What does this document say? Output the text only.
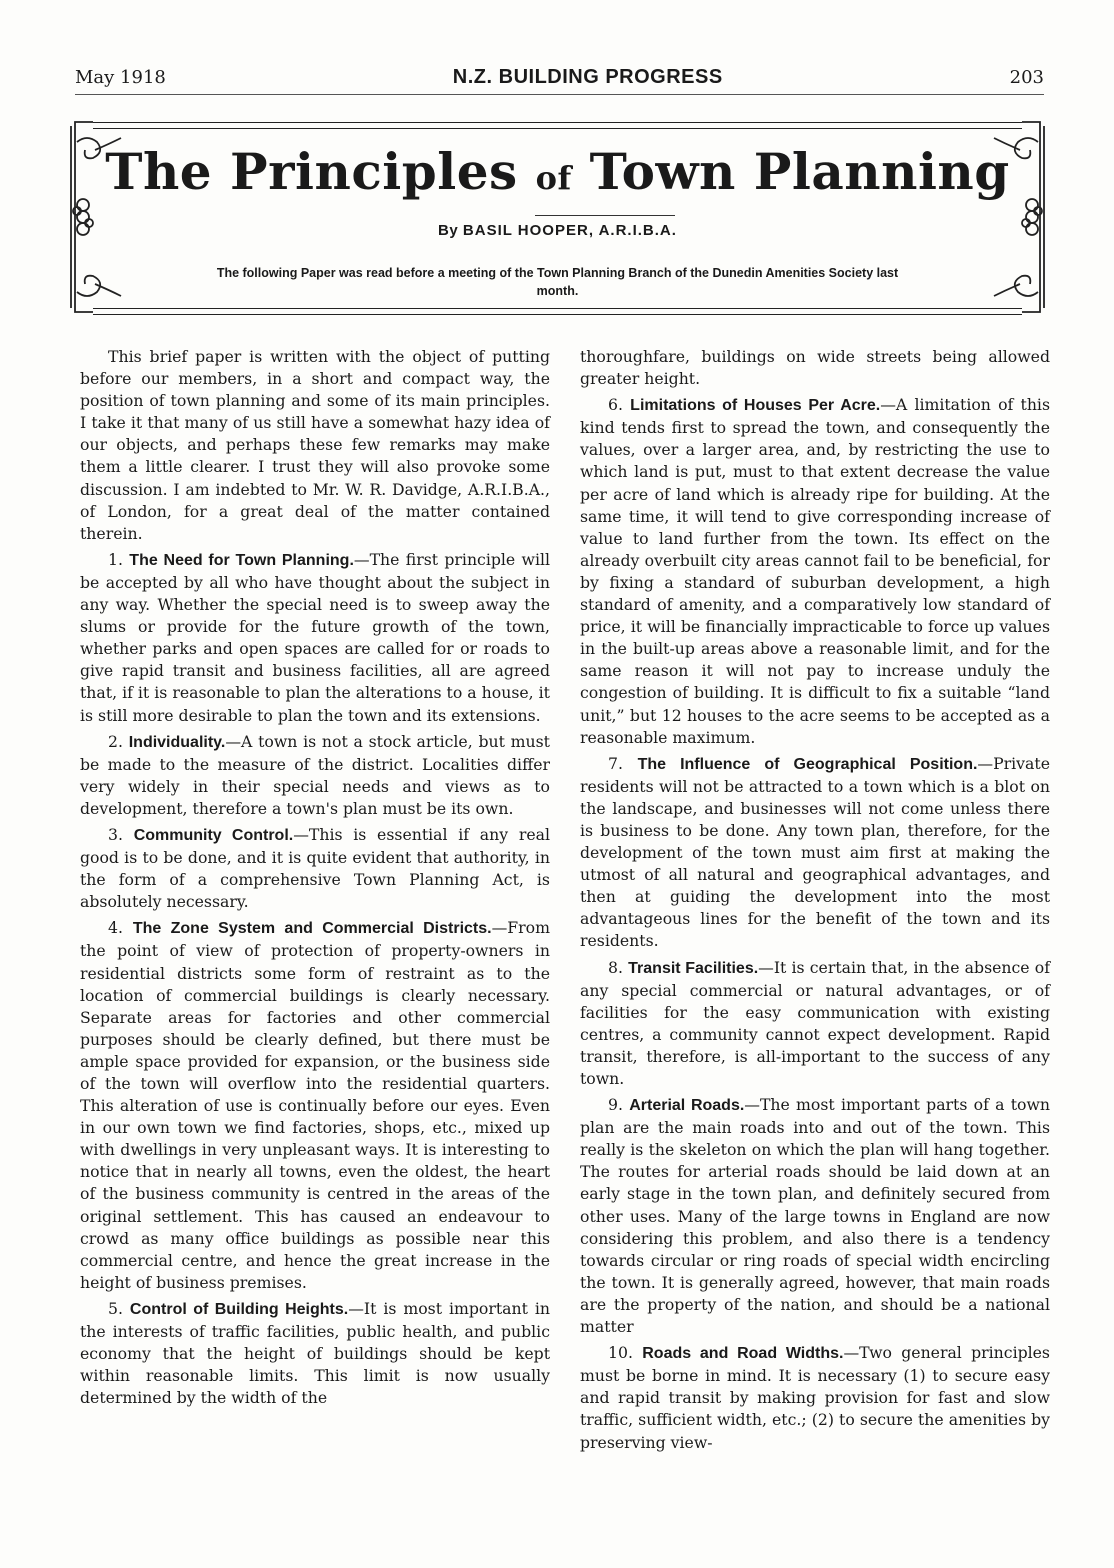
May 1918	N.Z. BUILDING PROGRESS	203
The Principles of Town Planning
By BASIL HOOPER, A.R.I.B.A.
The following Paper was read before a meeting of the Town Planning Branch of the Dunedin Amenities Society last month.

This brief paper is written with the object of putting before our members, in a short and compact way, the position of town planning and some of its main principles. I take it that many of us still have a somewhat hazy idea of our objects, and perhaps these few remarks may make them a little clearer. I trust they will also provoke some discussion. I am indebted to Mr. W. R. Davidge, A.R.I.B.A., of London, for a great deal of the matter contained therein.

1. The Need for Town Planning.—The first principle will be accepted by all who have thought about the subject in any way. Whether the special need is to sweep away the slums or provide for the future growth of the town, whether parks and open spaces are called for or roads to give rapid transit and business facilities, all are agreed that, if it is reasonable to plan the alterations to a house, it is still more desirable to plan the town and its extensions.

2. Individuality.—A town is not a stock article, but must be made to the measure of the district. Localities differ very widely in their special needs and views as to development, therefore a town's plan must be its own.

3. Community Control.—This is essential if any real good is to be done, and it is quite evident that authority, in the form of a comprehensive Town Planning Act, is absolutely necessary.

4. The Zone System and Commercial Districts.—From the point of view of protection of property-owners in residential districts some form of restraint as to the location of commercial buildings is clearly necessary. Separate areas for factories and other commercial purposes should be clearly defined, but there must be ample space provided for expansion, or the business side of the town will overflow into the residential quarters. This alteration of use is continually before our eyes. Even in our own town we find factories, shops, etc., mixed up with dwellings in very unpleasant ways. It is interesting to notice that in nearly all towns, even the oldest, the heart of the business community is centred in the areas of the original settlement. This has caused an endeavour to crowd as many office buildings as possible near this commercial centre, and hence the great increase in the height of business premises.

5. Control of Building Heights.—It is most important in the interests of traffic facilities, public health, and public economy that the height of buildings should be kept within reasonable limits. This limit is now usually determined by the width of the

thoroughfare, buildings on wide streets being allowed greater height.

6. Limitations of Houses Per Acre.—A limitation of this kind tends first to spread the town, and consequently the values, over a larger area, and, by restricting the use to which land is put, must to that extent decrease the value per acre of land which is already ripe for building. At the same time, it will tend to give corresponding increase of value to land further from the town. Its effect on the already overbuilt city areas cannot fail to be beneficial, for by fixing a standard of suburban development, a high standard of amenity, and a comparatively low standard of price, it will be financially impracticable to force up values in the built-up areas above a reasonable limit, and for the same reason it will not pay to increase unduly the congestion of building. It is difficult to fix a suitable “land unit,” but 12 houses to the acre seems to be accepted as a reasonable maximum.

7. The Influence of Geographical Position.—Private residents will not be attracted to a town which is a blot on the landscape, and businesses will not come unless there is business to be done. Any town plan, therefore, for the development of the town must aim first at making the utmost of all natural and geographical advantages, and then at guiding the development into the most advantageous lines for the benefit of the town and its residents.

8. Transit Facilities.—It is certain that, in the absence of any special commercial or natural advantages, or of facilities for the easy communication with existing centres, a community cannot expect development. Rapid transit, therefore, is all-important to the success of any town.

9. Arterial Roads.—The most important parts of a town plan are the main roads into and out of the town. This really is the skeleton on which the plan will hang together. The routes for arterial roads should be laid down at an early stage in the town plan, and definitely secured from other uses. Many of the large towns in England are now considering this problem, and also there is a tendency towards circular or ring roads of special width encircling the town. It is generally agreed, however, that main roads are the property of the nation, and should be a national matter

10. Roads and Road Widths.—Two general principles must be borne in mind. It is necessary (1) to secure easy and rapid transit by making provision for fast and slow traffic, sufficient width, etc.; (2) to secure the amenities by preserving view-
